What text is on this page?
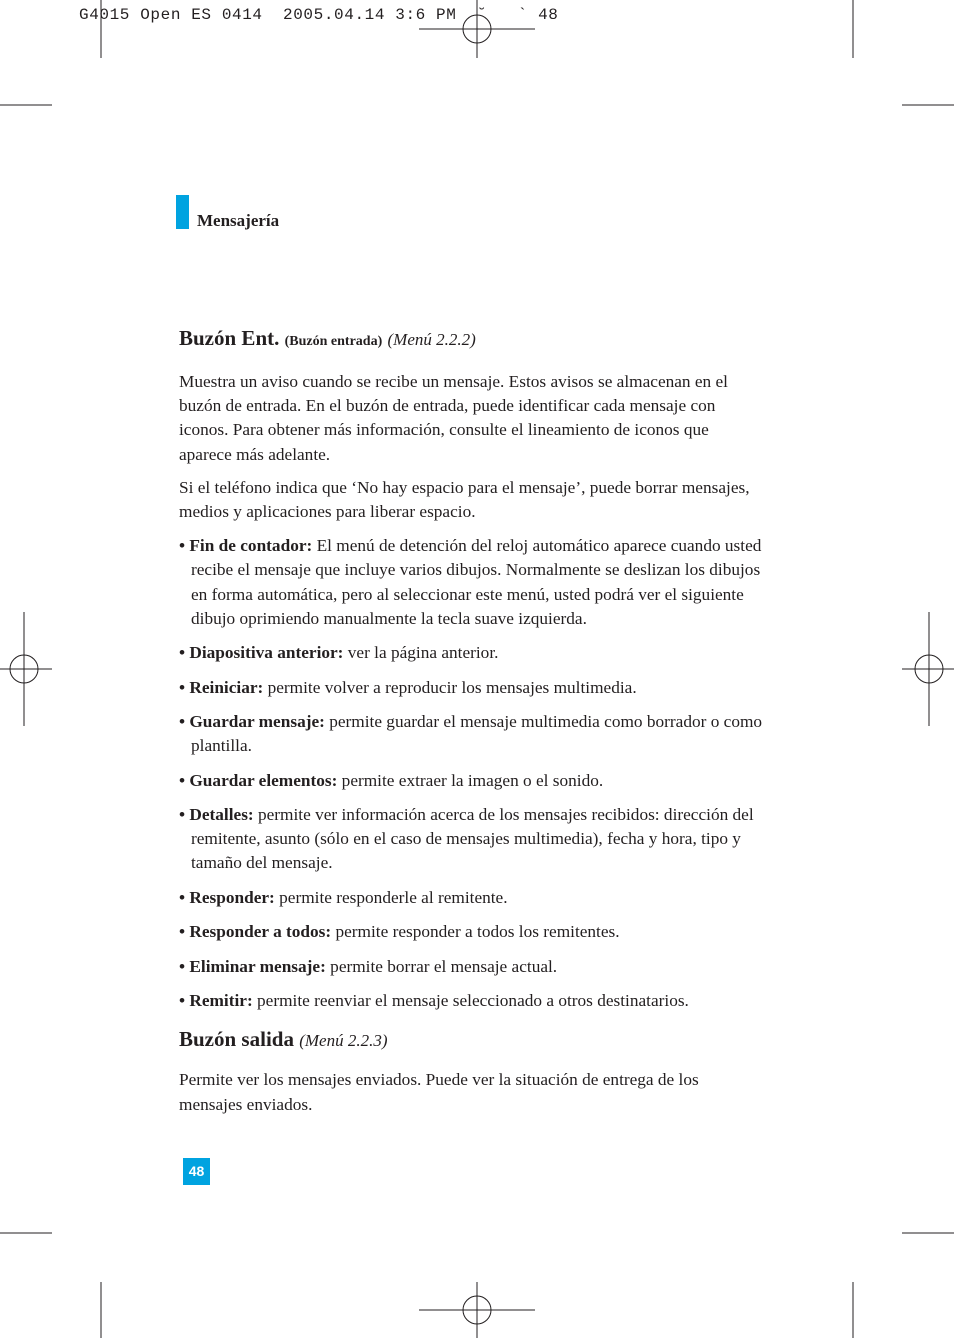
G4015 Open ES 0414  2005.04.14 3:6 PM  ˘   ` 48
Mensajería
Buzón Ent. (Buzón entrada) (Menú 2.2.2)

Muestra un aviso cuando se recibe un mensaje. Estos avisos se almacenan en el buzón de entrada. En el buzón de entrada, puede identificar cada mensaje con iconos. Para obtener más información, consulte el lineamiento de iconos que aparece más adelante.

Si el teléfono indica que ‘No hay espacio para el mensaje’, puede borrar mensajes, medios y aplicaciones para liberar espacio.

• Fin de contador: El menú de detención del reloj automático aparece cuando usted recibe el mensaje que incluye varios dibujos. Normalmente se deslizan los dibujos en forma automática, pero al seleccionar este menú, usted podrá ver el siguiente dibujo oprimiendo manualmente la tecla suave izquierda.
• Diapositiva anterior: ver la página anterior.
• Reiniciar: permite volver a reproducir los mensajes multimedia.
• Guardar mensaje: permite guardar el mensaje multimedia como borrador o como plantilla.
• Guardar elementos: permite extraer la imagen o el sonido.
• Detalles: permite ver información acerca de los mensajes recibidos: dirección del remitente, asunto (sólo en el caso de mensajes multimedia), fecha y hora, tipo y tamaño del mensaje.
• Responder: permite responderle al remitente.
• Responder a todos: permite responder a todos los remitentes.
• Eliminar mensaje: permite borrar el mensaje actual.
• Remitir: permite reenviar el mensaje seleccionado a otros destinatarios.
Buzón salida (Menú 2.2.3)

Permite ver los mensajes enviados. Puede ver la situación de entrega de los mensajes enviados.

48
